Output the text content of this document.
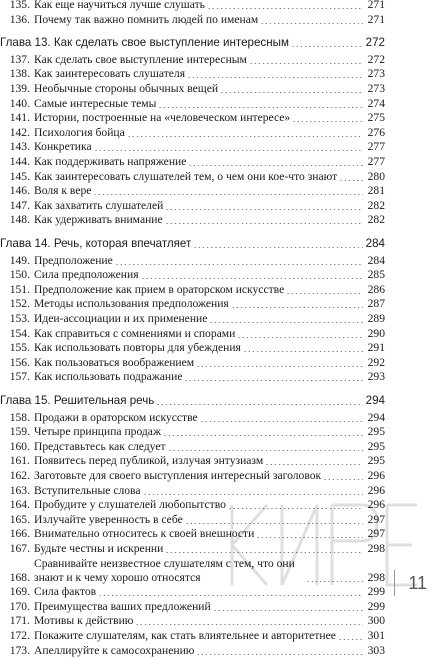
135. Как еще научиться лучше слушать	271
136. Почему так важно помнить людей по именам	271
Глава 13. Как сделать свое выступление интересным	272
137. Как сделать свое выступление интересным	272
138. Как заинтересовать слушателя	273
139. Необычные стороны обычных вещей	273
140. Самые интересные темы	274
141. Истории, построенные на «человеческом интересе»	275
142. Психология бойца	276
143. Конкретика	277
144. Как поддерживать напряжение	277
145. Как заинтересовать слушателей тем, о чем они кое-что знают	280
146. Воля к вере	281
147. Как захватить слушателей	282
148. Как удерживать внимание	282
Глава 14. Речь, которая впечатляет	284
149. Предположение	284
150. Сила предположения	285
151. Предположение как прием в ораторском искусстве	286
152. Методы использования предположения	287
153. Идеи-ассоциации и их применение	289
154. Как справиться с сомнениями и спорами	290
155. Как использовать повторы для убеждения	291
156. Как пользоваться воображением	292
157. Как использовать подражание	293
Глава 15. Решительная речь	294
158. Продажи в ораторском искусстве	294
159. Четыре принципа продаж	295
160. Представьтесь как следует	295
161. Появитесь перед публикой, излучая энтузиазм	295
162. Заготовьте для своего выступления интересный заголовок	296
163. Вступительные слова	296
164. Пробудите у слушателей любопытство	296
165. Излучайте уверенность в себе	297
166. Внимательно относитесь к своей внешности	297
167. Будьте честны и искренни	298
168.
Сравнивайте неизвестное слушателям с тем, что они знают и к чему хорошо относятся	298
169. Сила фактов	299
170. Преимущества ваших предложений	299
171. Мотивы к действию	300
172. Покажите слушателям, как стать влиятельнее и авторитетнее	301
173. Апеллируйте к самосохранению	303
11
